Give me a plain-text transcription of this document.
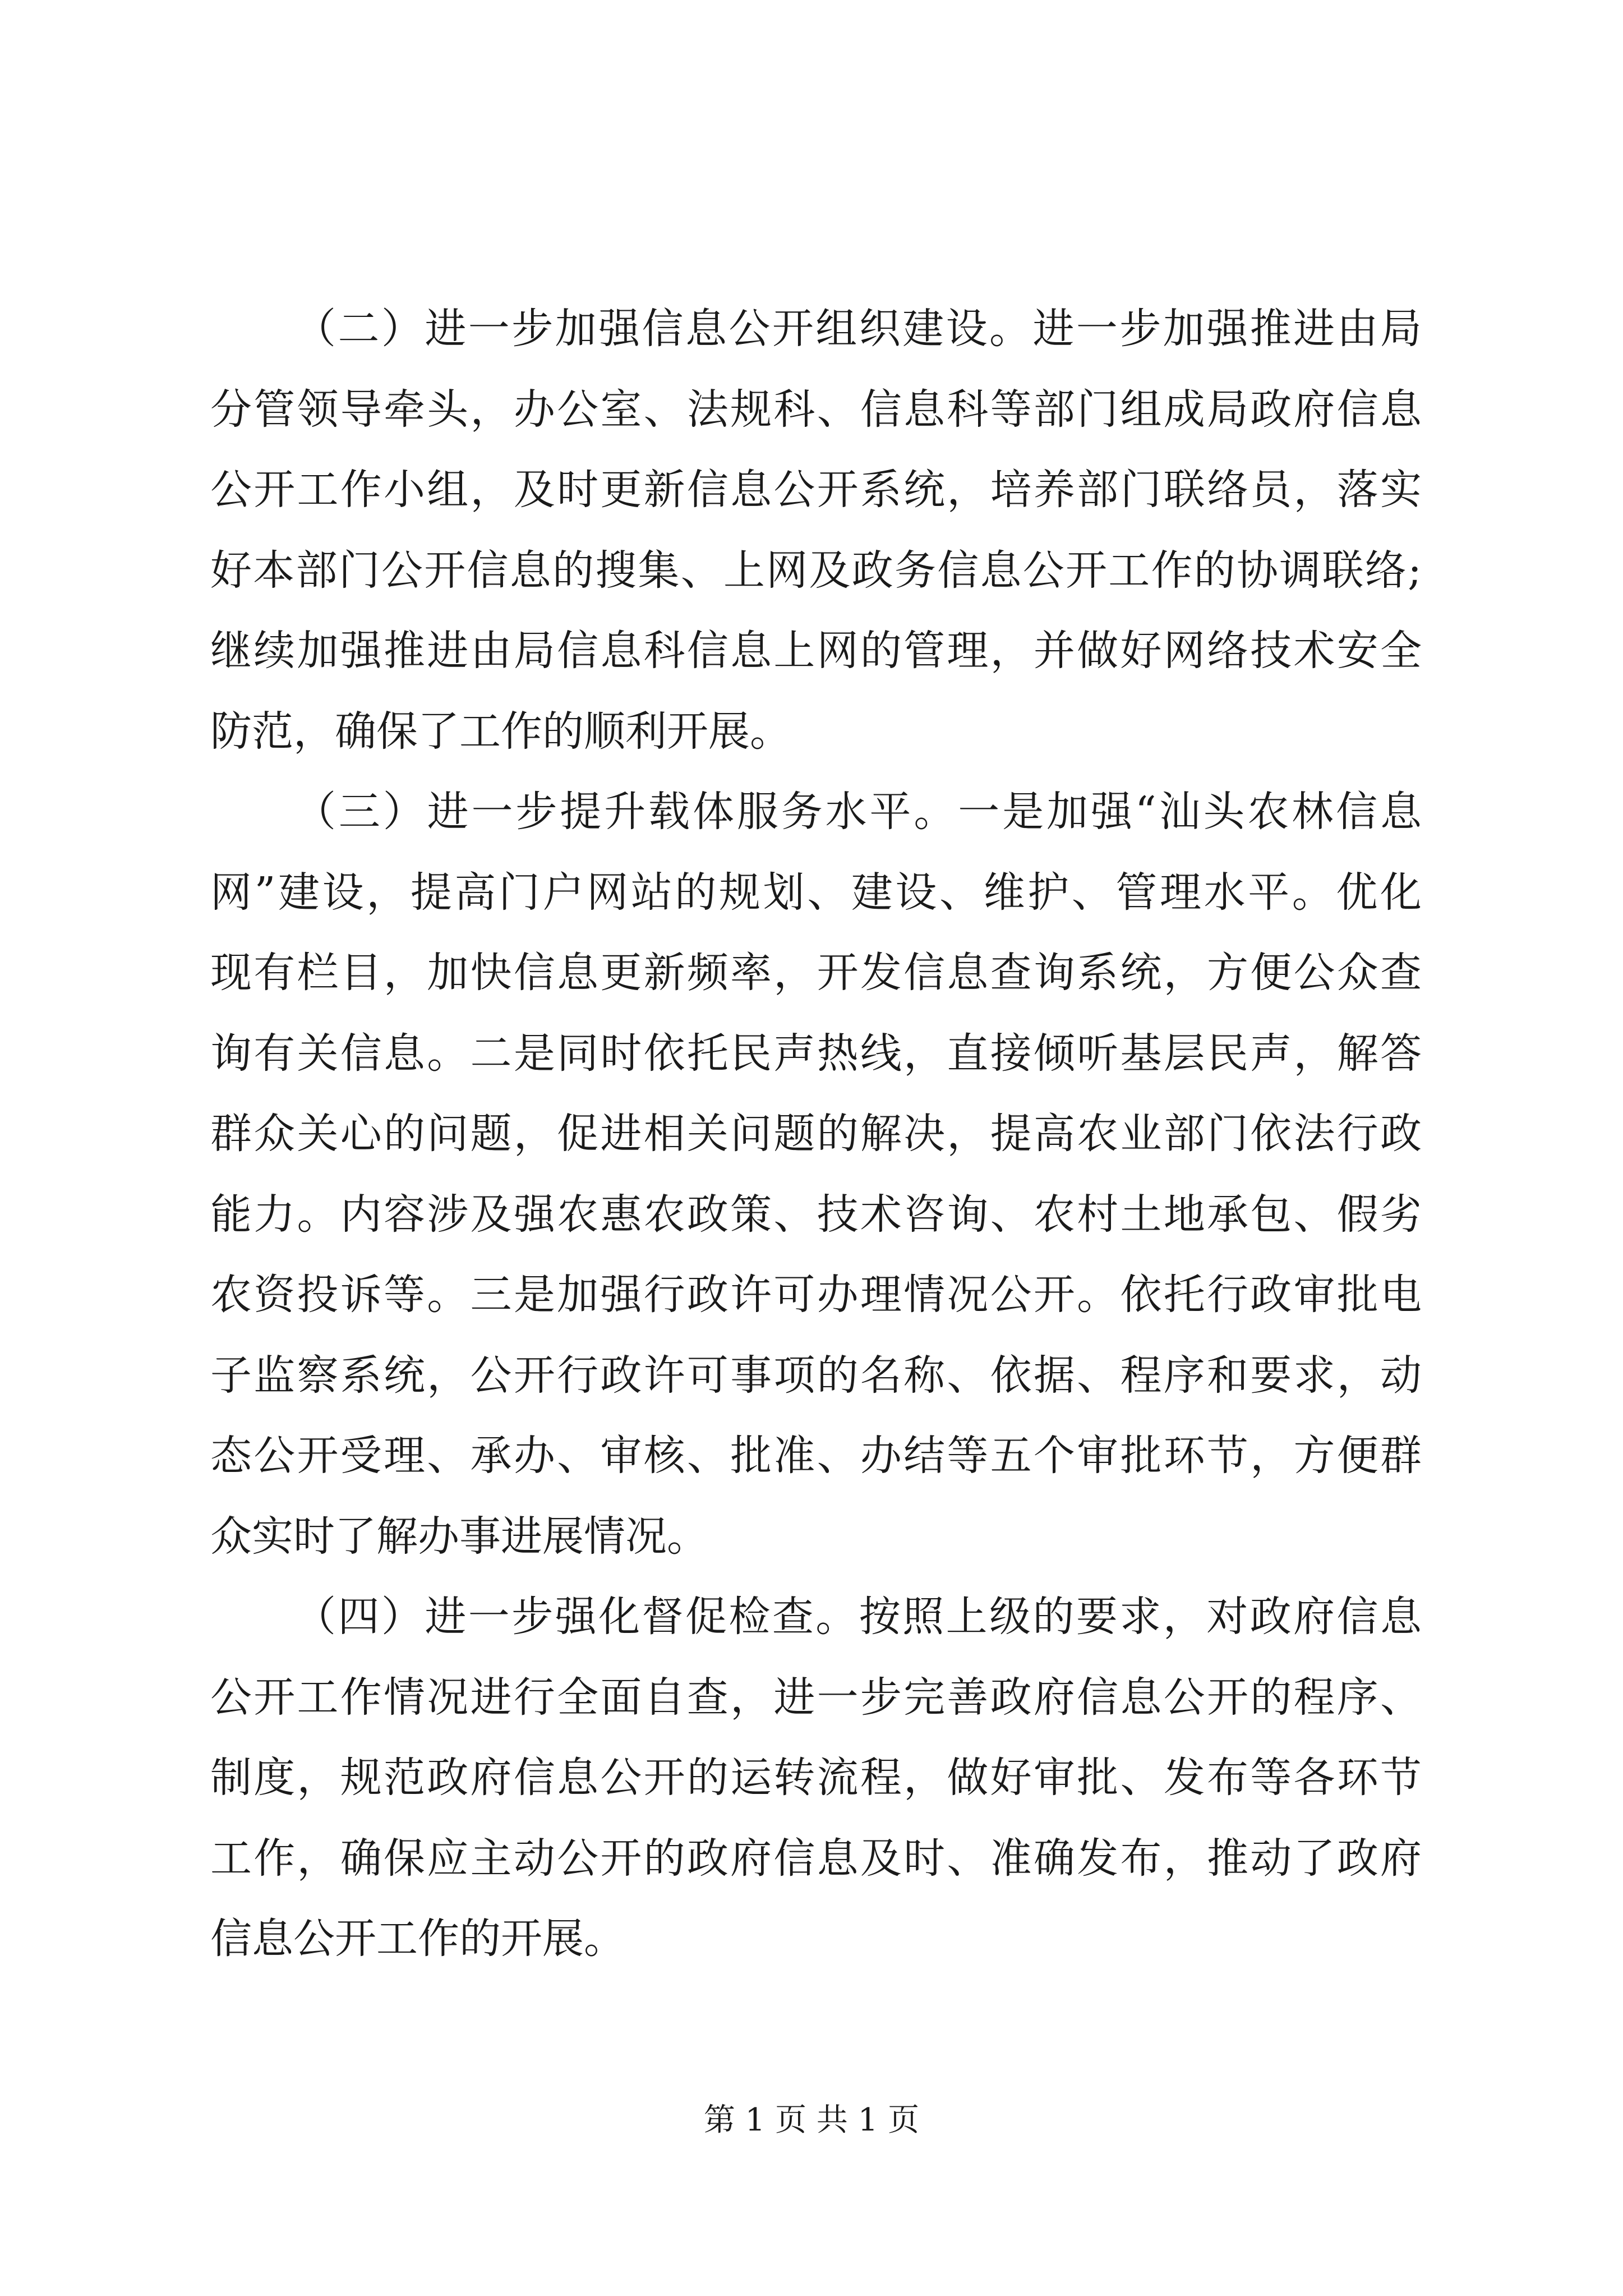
（二）进一步加强信息公开组织建设。进一步加强推进由局
分管领导牵头，办公室、法规科、信息科等部门组成局政府信息
公开工作小组，及时更新信息公开系统，培养部门联络员，落实
好本部门公开信息的搜集、上网及政务信息公开工作的协调联络;
继续加强推进由局信息科信息上网的管理，并做好网络技术安全
防范，确保了工作的顺利开展。
（三）进一步提升载体服务水平。一是加强“汕头农林信息
网”建设，提高门户网站的规划、建设、维护、管理水平。优化
现有栏目，加快信息更新频率，开发信息查询系统，方便公众查
询有关信息。二是同时依托民声热线，直接倾听基层民声，解答
群众关心的问题，促进相关问题的解决，提高农业部门依法行政
能力。内容涉及强农惠农政策、技术咨询、农村土地承包、假劣
农资投诉等。三是加强行政许可办理情况公开。依托行政审批电
子监察系统，公开行政许可事项的名称、依据、程序和要求，动
态公开受理、承办、审核、批准、办结等五个审批环节，方便群
众实时了解办事进展情况。
（四）进一步强化督促检查。按照上级的要求，对政府信息
公开工作情况进行全面自查，进一步完善政府信息公开的程序、
制度，规范政府信息公开的运转流程，做好审批、发布等各环节
工作，确保应主动公开的政府信息及时、准确发布，推动了政府
信息公开工作的开展。
第 1 页 共 1 页
